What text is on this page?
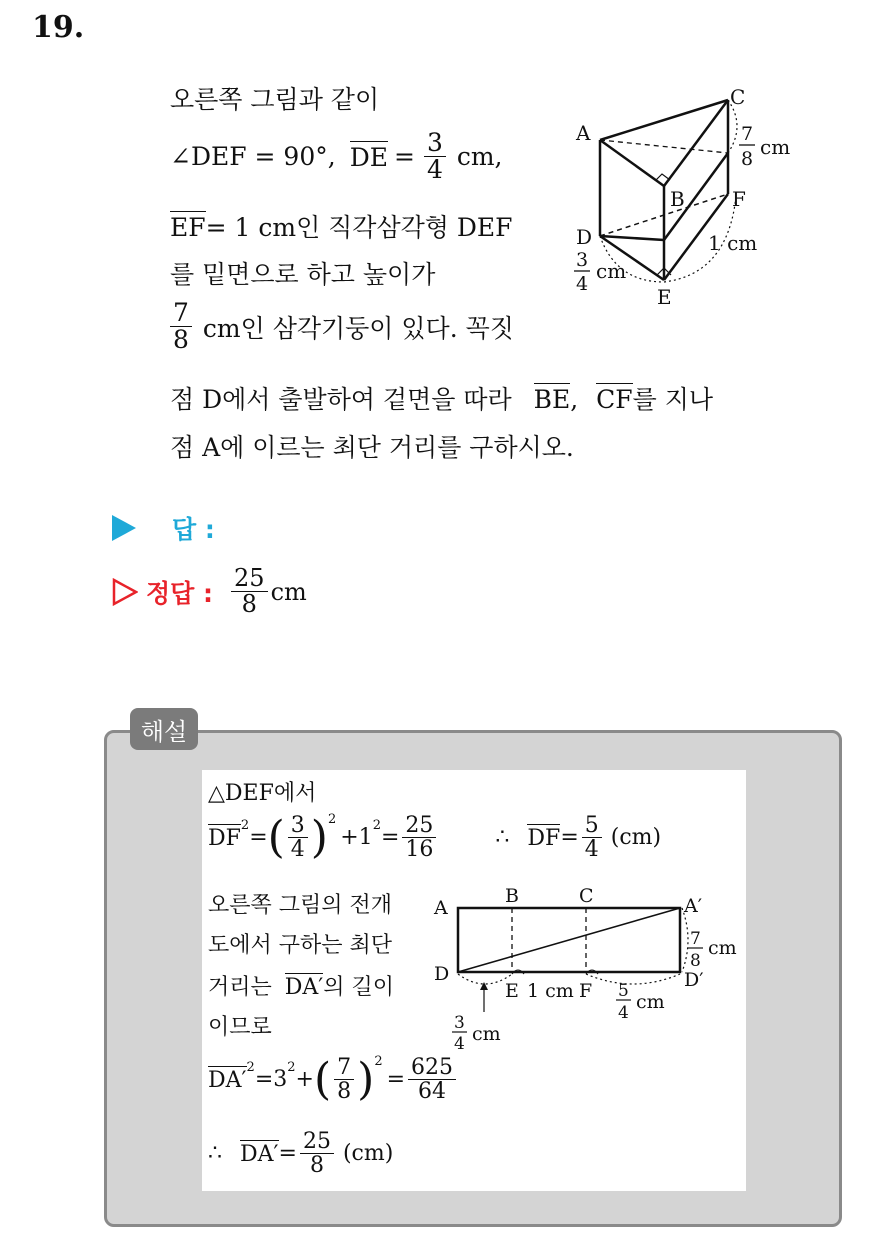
19.
오른쪽 그림과 같이
∠DEF = 90°, DE = $\frac{3}{4}$ cm,
EF= 1 cm인 직각삼각형 DEF
를 밑면으로 하고 높이가
$\frac{7}{8}$ cm인 삼각기둥이 있다. 꼭짓
점 D에서 출발하여 겉면을 따라 BE, CF를 지나
점 A에 이르는 최단 거리를 구하시오.
A
B
C
D
E
F
7
8 cm
3
4
cm
1 cm
답 :
정답 : $\frac{25}{8}$ cm
해설
△DEF에서
DF
$^2$ = ( $\frac{3}{4} )^2$
$+1^2 = \frac{25}{16}$	∴ DF = $\frac{5}{4} (cm)$
오른쪽 그림의 전개
도에서 구하는 최단
거리는 DA′의 길이
이므로
DA′
$^2 =3^2$ + ( $\frac{7}{8} )^2$
= $\frac{625}{64}$
∴ $DA' = \frac{25}{8} (cm)$
A
B	C	A′
D
E	F	D′
7
8
cm
1 cm	5
4 cm
3
4 cm
